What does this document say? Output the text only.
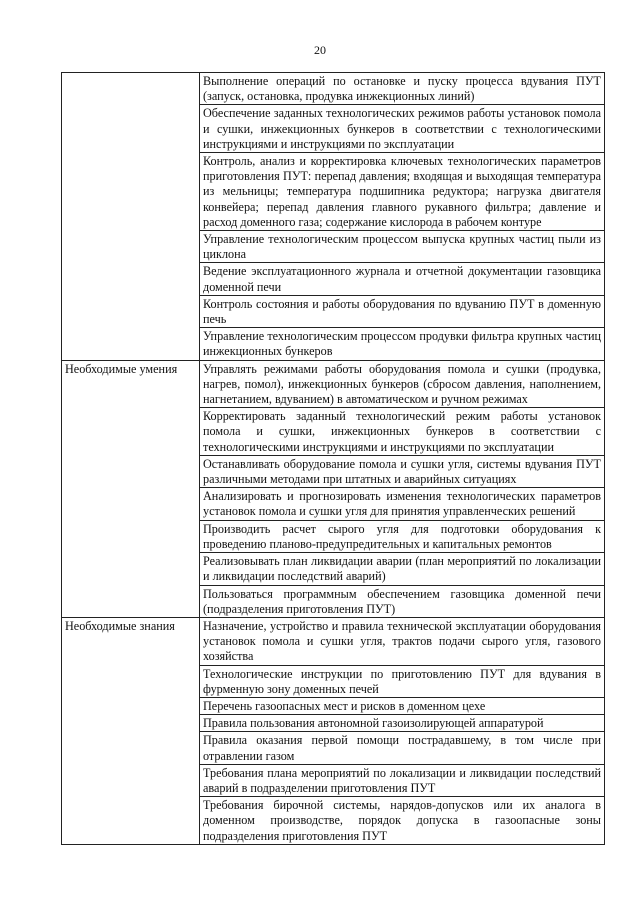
20
	Выполнение операций по остановке и пуску процесса вдувания ПУТ (запуск, остановка, продувка инжекционных линий)
	Обеспечение заданных технологических режимов работы установок помола и сушки, инжекционных бункеров в соответствии с технологическими инструкциями и инструкциями по эксплуатации
	Контроль, анализ и корректировка ключевых технологических параметров приготовления ПУТ: перепад давления; входящая и выходящая температура из мельницы; температура подшипника редуктора; нагрузка двигателя конвейера; перепад давления главного рукавного фильтра; давление и расход доменного газа; содержание кислорода в рабочем контуре
	Управление технологическим процессом выпуска крупных частиц пыли из циклона
	Ведение эксплуатационного журнала и отчетной документации газовщика доменной печи
	Контроль состояния и работы оборудования по вдуванию ПУТ в доменную печь
	Управление технологическим процессом продувки фильтра крупных частиц инжекционных бункеров
Необходимые умения	Управлять режимами работы оборудования помола и сушки (продувка, нагрев, помол), инжекционных бункеров (сбросом давления, наполнением, нагнетанием, вдуванием) в автоматическом и ручном режимах
	Корректировать заданный технологический режим работы установок помола и сушки, инжекционных бункеров в соответствии с технологическими инструкциями и инструкциями по эксплуатации
	Останавливать оборудование помола и сушки угля, системы вдувания ПУТ различными методами при штатных и аварийных ситуациях
	Анализировать и прогнозировать изменения технологических параметров установок помола и сушки угля для принятия управленческих решений
	Производить расчет сырого угля для подготовки оборудования к проведению планово-предупредительных и капитальных ремонтов
	Реализовывать план ликвидации аварии (план мероприятий по локализации и ликвидации последствий аварий)
	Пользоваться программным обеспечением газовщика доменной печи (подразделения приготовления ПУТ)
Необходимые знания	Назначение, устройство и правила технической эксплуатации оборудования установок помола и сушки угля, трактов подачи сырого угля, газового хозяйства
	Технологические инструкции по приготовлению ПУТ для вдувания в фурменную зону доменных печей
	Перечень газоопасных мест и рисков в доменном цехе
	Правила пользования автономной газоизолирующей аппаратурой
	Правила оказания первой помощи пострадавшему, в том числе при отравлении газом
	Требования плана мероприятий по локализации и ликвидации последствий аварий в подразделении приготовления ПУТ
	Требования бирочной системы, нарядов-допусков или их аналога в доменном производстве, порядок допуска в газоопасные зоны подразделения приготовления ПУТ
